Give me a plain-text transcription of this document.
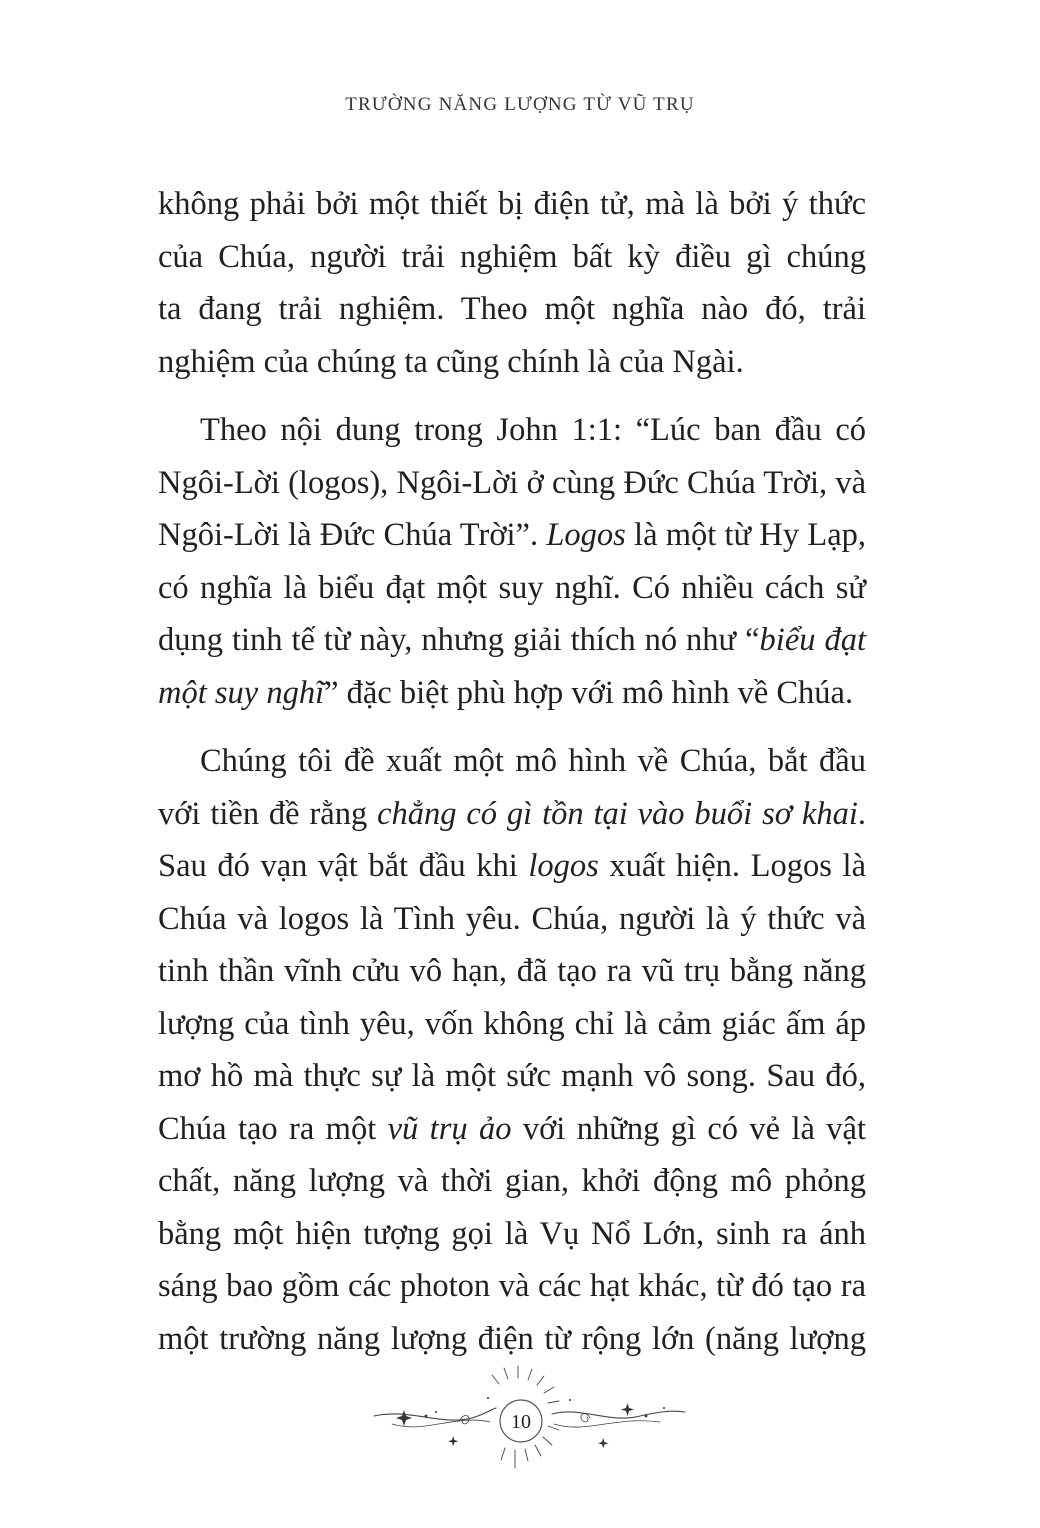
TRƯỜNG NĂNG LƯỢNG TỪ VŨ TRỤ

không phải bởi một thiết bị điện tử, mà là bởi ý thức
của Chúa, người trải nghiệm bất kỳ điều gì chúng
ta đang trải nghiệm. Theo một nghĩa nào đó, trải
nghiệm của chúng ta cũng chính là của Ngài.

Theo nội dung trong John 1:1: “Lúc ban đầu có
Ngôi-Lời (logos), Ngôi-Lời ở cùng Đức Chúa Trời, và
Ngôi-Lời là Đức Chúa Trời”. Logos là một từ Hy Lạp,
có nghĩa là biểu đạt một suy nghĩ. Có nhiều cách sử
dụng tinh tế từ này, nhưng giải thích nó như “biểu đạt
một suy nghĩ” đặc biệt phù hợp với mô hình về Chúa.

Chúng tôi đề xuất một mô hình về Chúa, bắt đầu
với tiền đề rằng chẳng có gì tồn tại vào buổi sơ khai.
Sau đó vạn vật bắt đầu khi logos xuất hiện. Logos là
Chúa và logos là Tình yêu. Chúa, người là ý thức và
tinh thần vĩnh cửu vô hạn, đã tạo ra vũ trụ bằng năng
lượng của tình yêu, vốn không chỉ là cảm giác ấm áp
mơ hồ mà thực sự là một sức mạnh vô song. Sau đó,
Chúa tạo ra một vũ trụ ảo với những gì có vẻ là vật
chất, năng lượng và thời gian, khởi động mô phỏng
bằng một hiện tượng gọi là Vụ Nổ Lớn, sinh ra ánh
sáng bao gồm các photon và các hạt khác, từ đó tạo ra
một trường năng lượng điện từ rộng lớn (năng lượng

10
